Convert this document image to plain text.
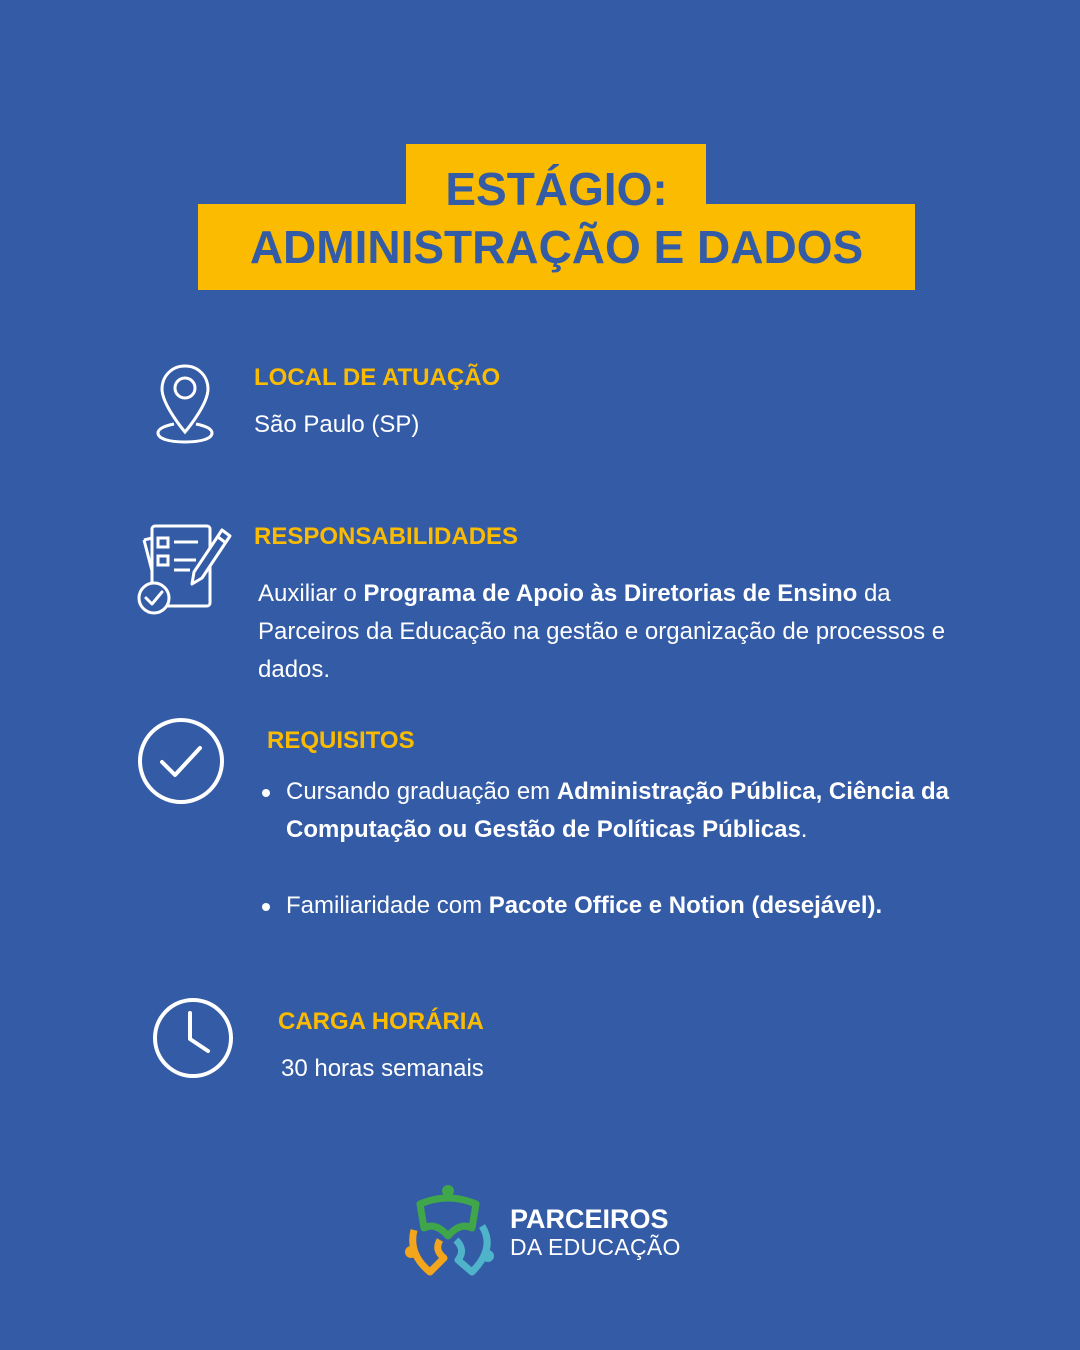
ESTÁGIO:
ADMINISTRAÇÃO E DADOS
LOCAL DE ATUAÇÃO
São Paulo (SP)
RESPONSABILIDADES
Auxiliar o Programa de Apoio às Diretorias de Ensino da Parceiros da Educação na gestão e organização de processos e dados.
REQUISITOS
Cursando graduação em Administração Pública, Ciência da Computação ou Gestão de Políticas Públicas.
Familiaridade com Pacote Office e Notion (desejável).
CARGA HORÁRIA
30 horas semanais
PARCEIROS
DA EDUCAÇÃO
